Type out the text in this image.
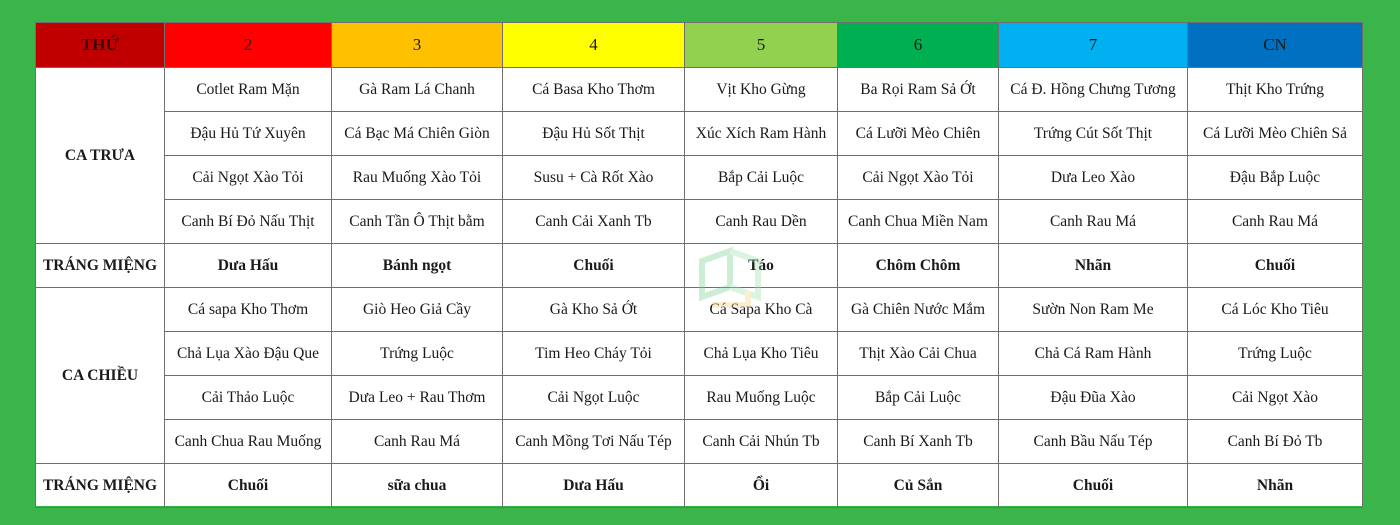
THỨ	2	3	4	5	6	7	CN
CA TRƯA	Cotlet Ram Mặn	Gà Ram Lá Chanh	Cá Basa Kho Thơm	Vịt Kho Gừng	Ba Rọi Ram Sả Ớt	Cá Đ. Hồng Chưng Tương	Thịt Kho Trứng
	Đậu Hủ Tứ Xuyên	Cá Bạc Má Chiên Giòn	Đậu Hủ Sốt Thịt	Xúc Xích Ram Hành	Cá Lưỡi Mèo Chiên	Trứng Cút Sốt Thịt	Cá Lưỡi Mèo Chiên Sả
	Cải Ngọt Xào Tỏi	Rau Muống Xào Tỏi	Susu + Cà Rốt Xào	Bắp Cải Luộc	Cải Ngọt Xào Tỏi	Dưa Leo Xào	Đậu Bắp Luộc
	Canh Bí Đỏ Nấu Thịt	Canh Tần Ô Thịt bằm	Canh Cải Xanh Tb	Canh Rau Dền	Canh Chua Miền Nam	Canh Rau Má	Canh Rau Má
TRÁNG MIỆNG	Dưa Hấu	Bánh ngọt	Chuối	Táo	Chôm Chôm	Nhãn	Chuối
CA CHIỀU	Cá sapa Kho Thơm	Giò Heo Giả Cầy	Gà Kho Sả Ớt	Cá Sapa Kho Cà	Gà Chiên Nước Mắm	Sườn Non Ram Me	Cá Lóc Kho Tiêu
	Chả Lụa Xào Đậu Que	Trứng Luộc	Tim Heo Cháy Tỏi	Chả Lụa Kho Tiêu	Thịt Xào Cải Chua	Chả Cá Ram Hành	Trứng Luộc
	Cải Thảo Luộc	Dưa Leo + Rau Thơm	Cải Ngọt Luộc	Rau Muống Luộc	Bắp Cải Luộc	Đậu Đũa Xào	Cải Ngọt Xào
	Canh Chua Rau Muống	Canh Rau Má	Canh Mồng Tơi Nấu Tép	Canh Cải Nhún Tb	Canh Bí Xanh Tb	Canh Bầu Nấu Tép	Canh Bí Đỏ Tb
TRÁNG MIỆNG	Chuối	sữa chua	Dưa Hấu	Ổi	Củ Sắn	Chuối	Nhãn
